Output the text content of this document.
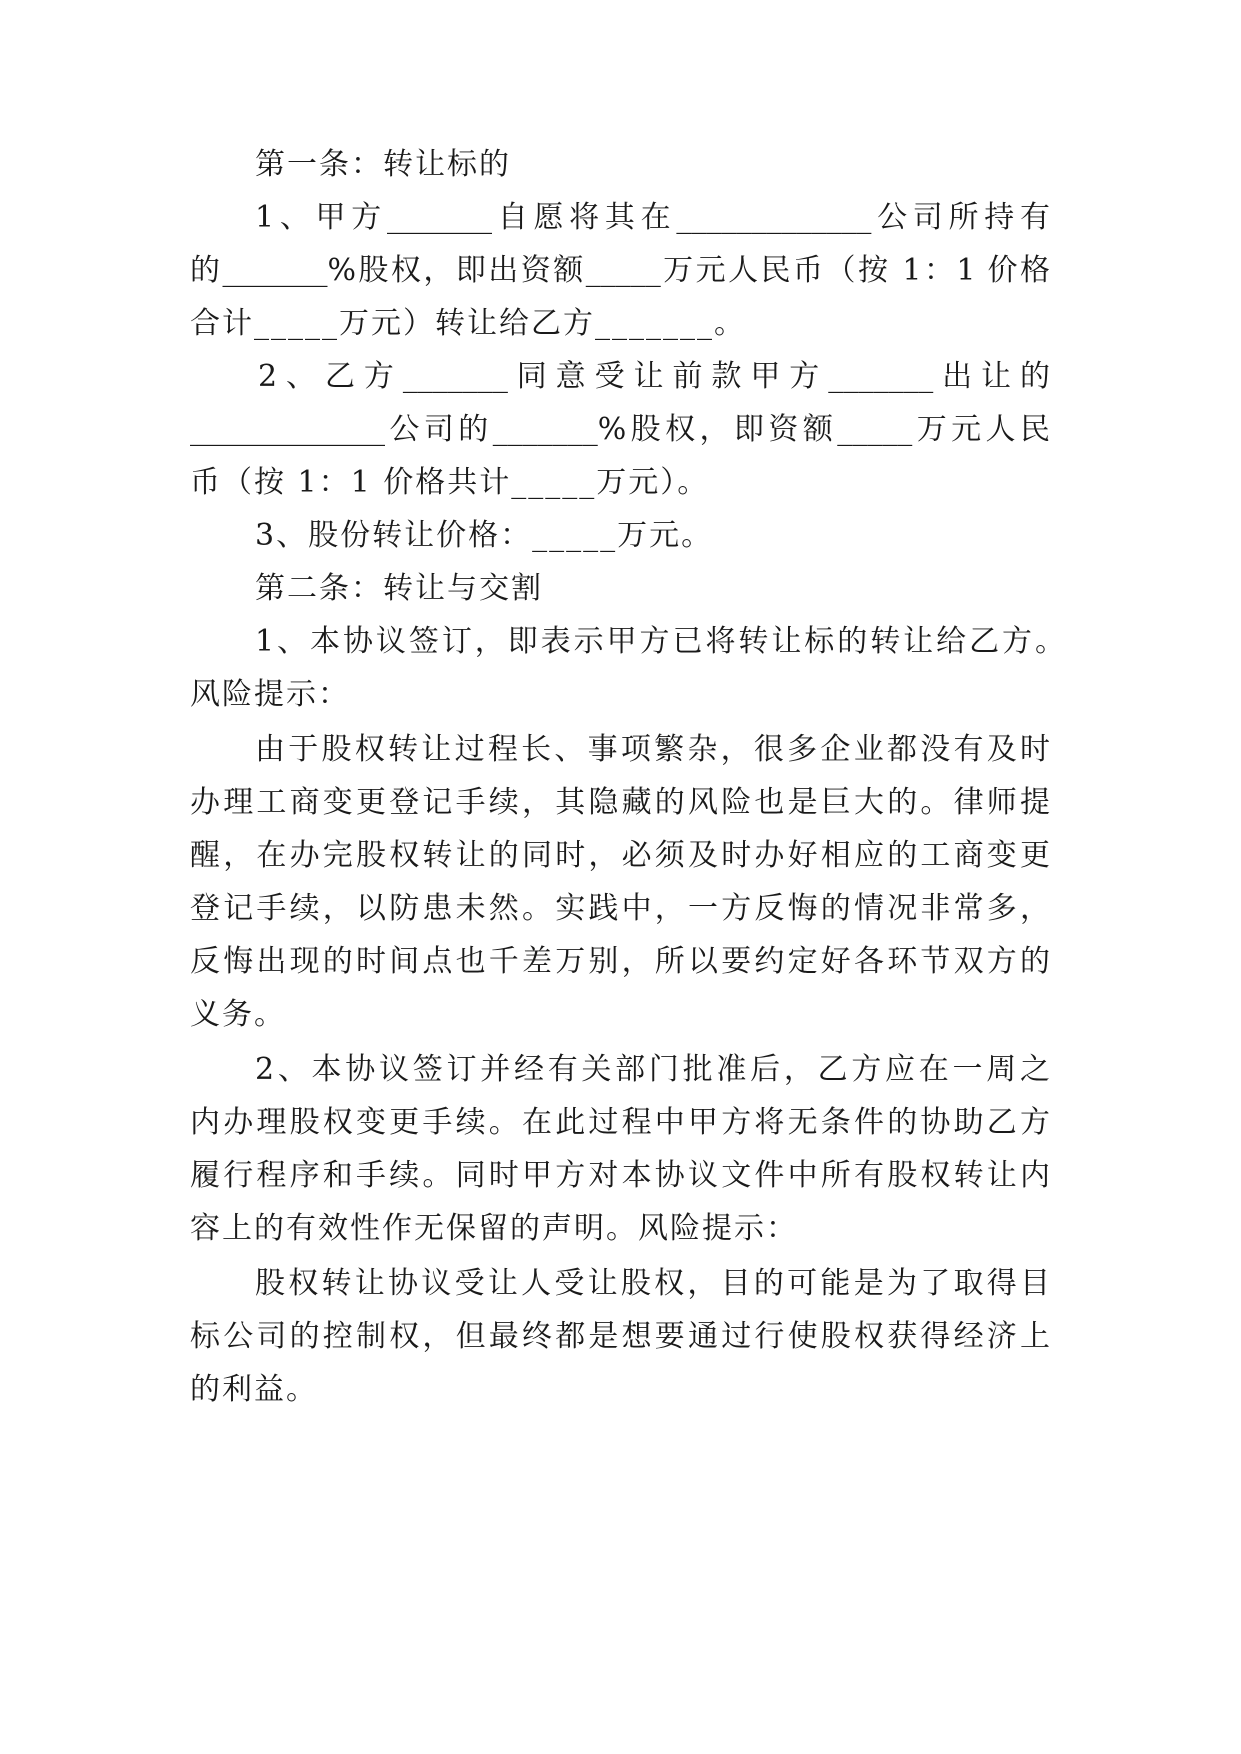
第一条：转让标的
1、甲方_______自愿将其在_____________公司所持有
的_______%股权，即出资额_____万元人民币（按 1：1 价格
合计_____万元）转让给乙方_______。
2、乙方_______同意受让前款甲方_______出让的
_____________公司的_______%股权，即资额_____万元人民
币（按 1：1 价格共计_____万元）。
3、股份转让价格：_____万元。
第二条：转让与交割
1、本协议签订，即表示甲方已将转让标的转让给乙方。
风险提示：
由于股权转让过程长、事项繁杂，很多企业都没有及时
办理工商变更登记手续，其隐藏的风险也是巨大的。律师提
醒，在办完股权转让的同时，必须及时办好相应的工商变更
登记手续，以防患未然。实践中，一方反悔的情况非常多，
反悔出现的时间点也千差万别，所以要约定好各环节双方的
义务。
2、本协议签订并经有关部门批准后，乙方应在一周之
内办理股权变更手续。在此过程中甲方将无条件的协助乙方
履行程序和手续。同时甲方对本协议文件中所有股权转让内
容上的有效性作无保留的声明。风险提示：
股权转让协议受让人受让股权，目的可能是为了取得目
标公司的控制权，但最终都是想要通过行使股权获得经济上
的利益。
